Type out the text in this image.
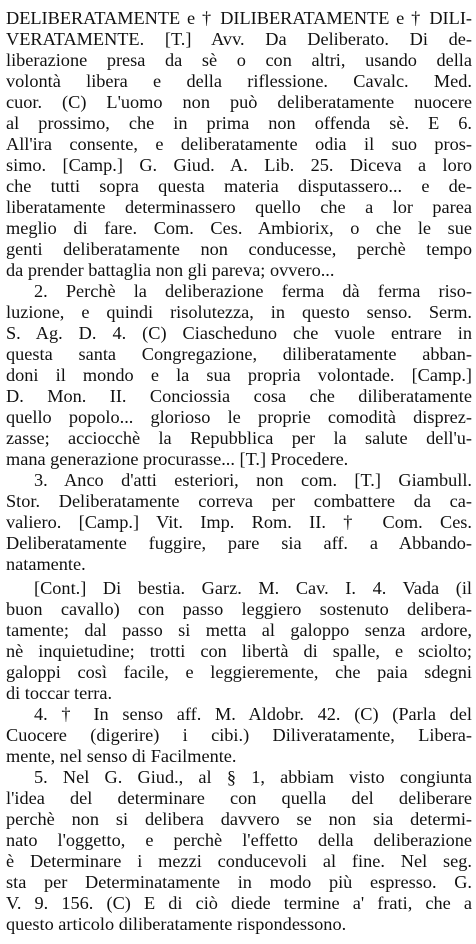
DELIBERATAMENTE e † DILIBERATAMENTE e † DILI-
VERATAMENTE. [T.] Avv. Da Deliberato. Di de-
liberazione presa da sè o con altri, usando della
volontà libera e della riflessione. Cavalc. Med.
cuor. (C) L'uomo non può deliberatamente nuocere
al prossimo, che in prima non offenda sè. E 6.
All'ira consente, e deliberatamente odia il suo pros-
simo. [Camp.] G. Giud. A. Lib. 25. Diceva a loro
che tutti sopra questa materia disputassero... e de-
liberatamente determinassero quello che a lor parea
meglio di fare. Com. Ces. Ambiorix, o che le sue
genti deliberatamente non conducesse, perchè tempo
da prender battaglia non gli pareva; ovvero...
2. Perchè la deliberazione ferma dà ferma riso-
luzione, e quindi risolutezza, in questo senso. Serm.
S. Ag. D. 4. (C) Ciascheduno che vuole entrare in
questa santa Congregazione, diliberatamente abban-
doni il mondo e la sua propria volontade. [Camp.]
D. Mon. II. Conciossia cosa che diliberatamente
quello popolo... glorioso le proprie comodità disprez-
zasse; acciocchè la Repubblica per la salute dell'u-
mana generazione procurasse... [T.] Procedere.
3. Anco d'atti esteriori, non com. [T.] Giambull.
Stor. Deliberatamente correva per combattere da ca-
valiero. [Camp.] Vit. Imp. Rom. II. † Com. Ces.
Deliberatamente fuggire, pare sia aff. a Abbando-
natamente.
[Cont.] Di bestia. Garz. M. Cav. I. 4. Vada (il
buon cavallo) con passo leggiero sostenuto delibera-
tamente; dal passo si metta al galoppo senza ardore,
nè inquietudine; trotti con libertà di spalle, e sciolto;
galoppi così facile, e leggieremente, che paia sdegni
di toccar terra.
4. † In senso aff. M. Aldobr. 42. (C) (Parla del
Cuocere (digerire) i cibi.) Diliveratamente, Libera-
mente, nel senso di Facilmente.
5. Nel G. Giud., al § 1, abbiam visto congiunta
l'idea del determinare con quella del deliberare
perchè non si delibera davvero se non sia determi-
nato l'oggetto, e perchè l'effetto della deliberazione
è Determinare i mezzi conducevoli al fine. Nel seg.
sta per Determinatamente in modo più espresso. G.
V. 9. 156. (C) E di ciò diede termine a' frati, che a
questo articolo diliberatamente rispondessono.
